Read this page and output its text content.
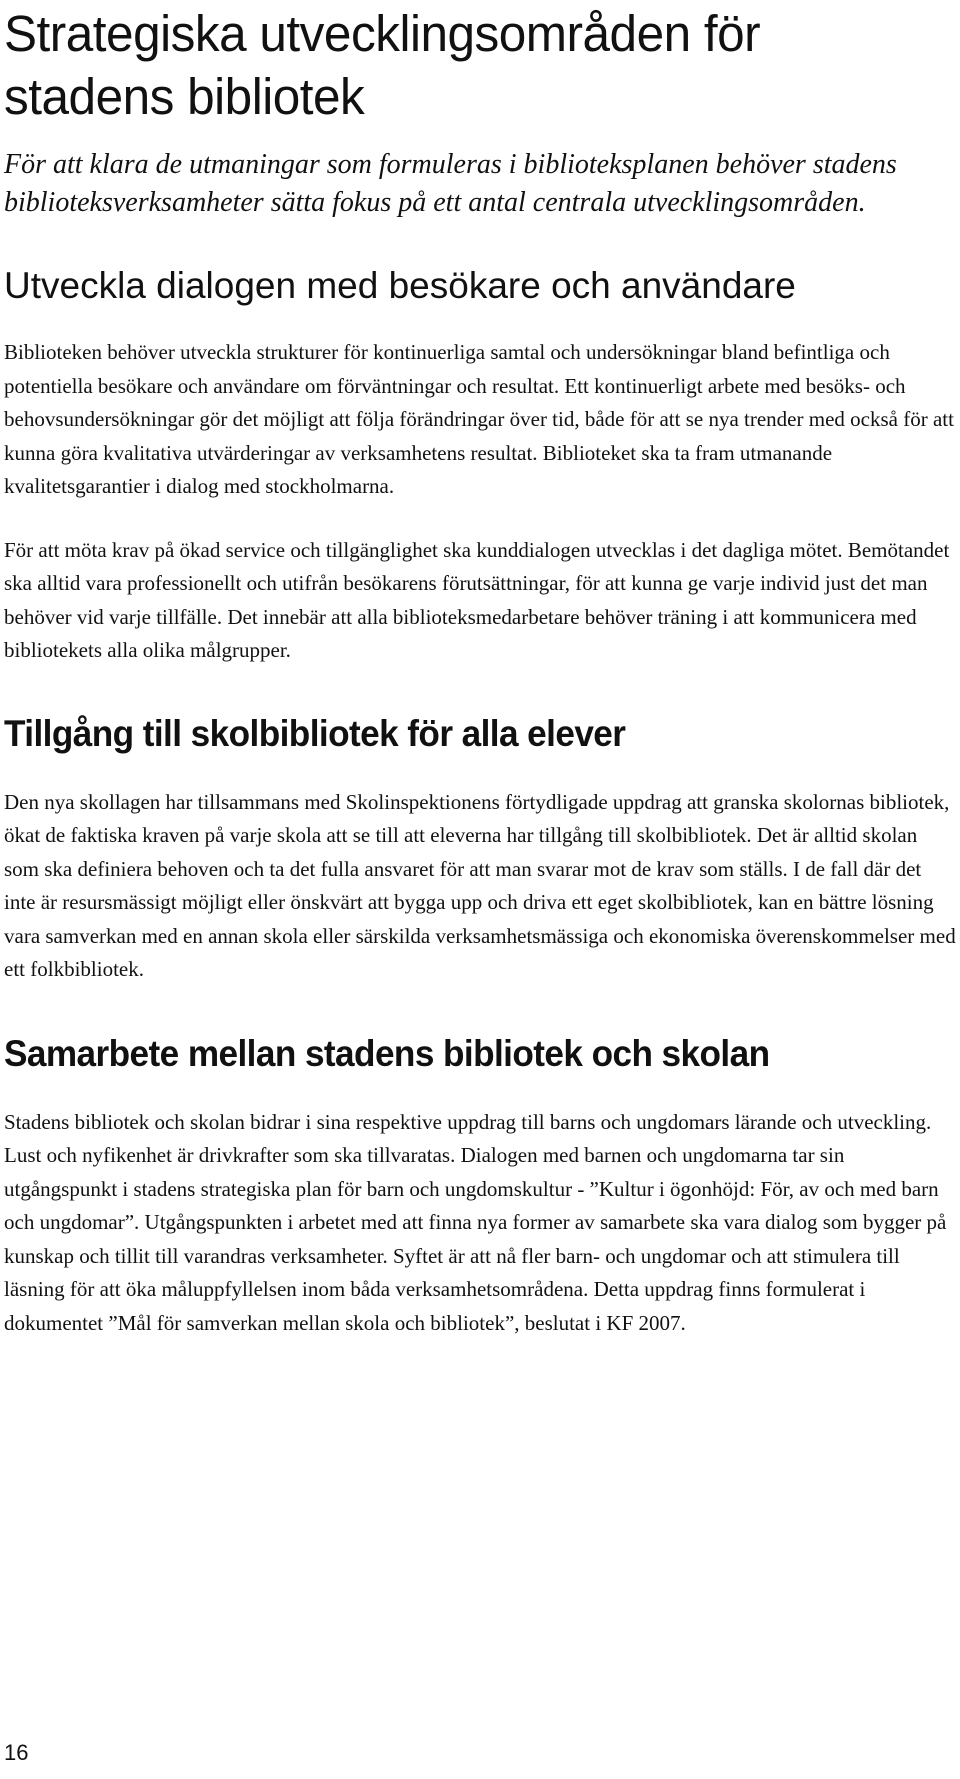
Strategiska utvecklingsområden för stadens bibliotek

För att klara de utmaningar som formuleras i biblioteksplanen behöver stadens biblioteksverksamheter sätta fokus på ett antal centrala utvecklingsområden.

Utveckla dialogen med besökare och användare

Biblioteken behöver utveckla strukturer för kontinuerliga samtal och undersökningar bland befintliga och potentiella besökare och användare om förväntningar och resultat. Ett kontinuerligt arbete med besöks- och behovsundersökningar gör det möjligt att följa förändringar över tid, både för att se nya trender med också för att kunna göra kvalitativa utvärderingar av verksamhetens resultat. Biblioteket ska ta fram utmanande kvalitetsgarantier i dialog med stockholmarna.

För att möta krav på ökad service och tillgänglighet ska kunddialogen utvecklas i det dagliga mötet. Bemötandet ska alltid vara professionellt och utifrån besökarens förutsättningar, för att kunna ge varje individ just det man behöver vid varje tillfälle. Det innebär att alla biblioteksmedarbetare behöver träning i att kommunicera med bibliotekets alla olika målgrupper.

Tillgång till skolbibliotek för alla elever

Den nya skollagen har tillsammans med Skolinspektionens förtydligade uppdrag att granska skolornas bibliotek, ökat de faktiska kraven på varje skola att se till att eleverna har tillgång till skolbibliotek. Det är alltid skolan som ska definiera behoven och ta det fulla ansvaret för att man svarar mot de krav som ställs. I de fall där det inte är resursmässigt möjligt eller önskvärt att bygga upp och driva ett eget skolbibliotek, kan en bättre lösning vara samverkan med en annan skola eller särskilda verksamhetsmässiga och ekonomiska överenskommelser med ett folkbibliotek.

Samarbete mellan stadens bibliotek och skolan

Stadens bibliotek och skolan bidrar i sina respektive uppdrag till barns och ungdomars lärande och utveckling. Lust och nyfikenhet är drivkrafter som ska tillvaratas. Dialogen med barnen och ungdomarna tar sin utgångspunkt i stadens strategiska plan för barn och ungdomskultur - ”Kultur i ögonhöjd: För, av och med barn och ungdomar”. Utgångspunkten i arbetet med att finna nya former av samarbete ska vara dialog som bygger på kunskap och tillit till varandras verksamheter. Syftet är att nå fler barn- och ungdomar och att stimulera till läsning för att öka måluppfyllelsen inom båda verksamhetsområdena. Detta uppdrag finns formulerat i dokumentet ”Mål för samverkan mellan skola och bibliotek”, beslutat i KF 2007.

16
